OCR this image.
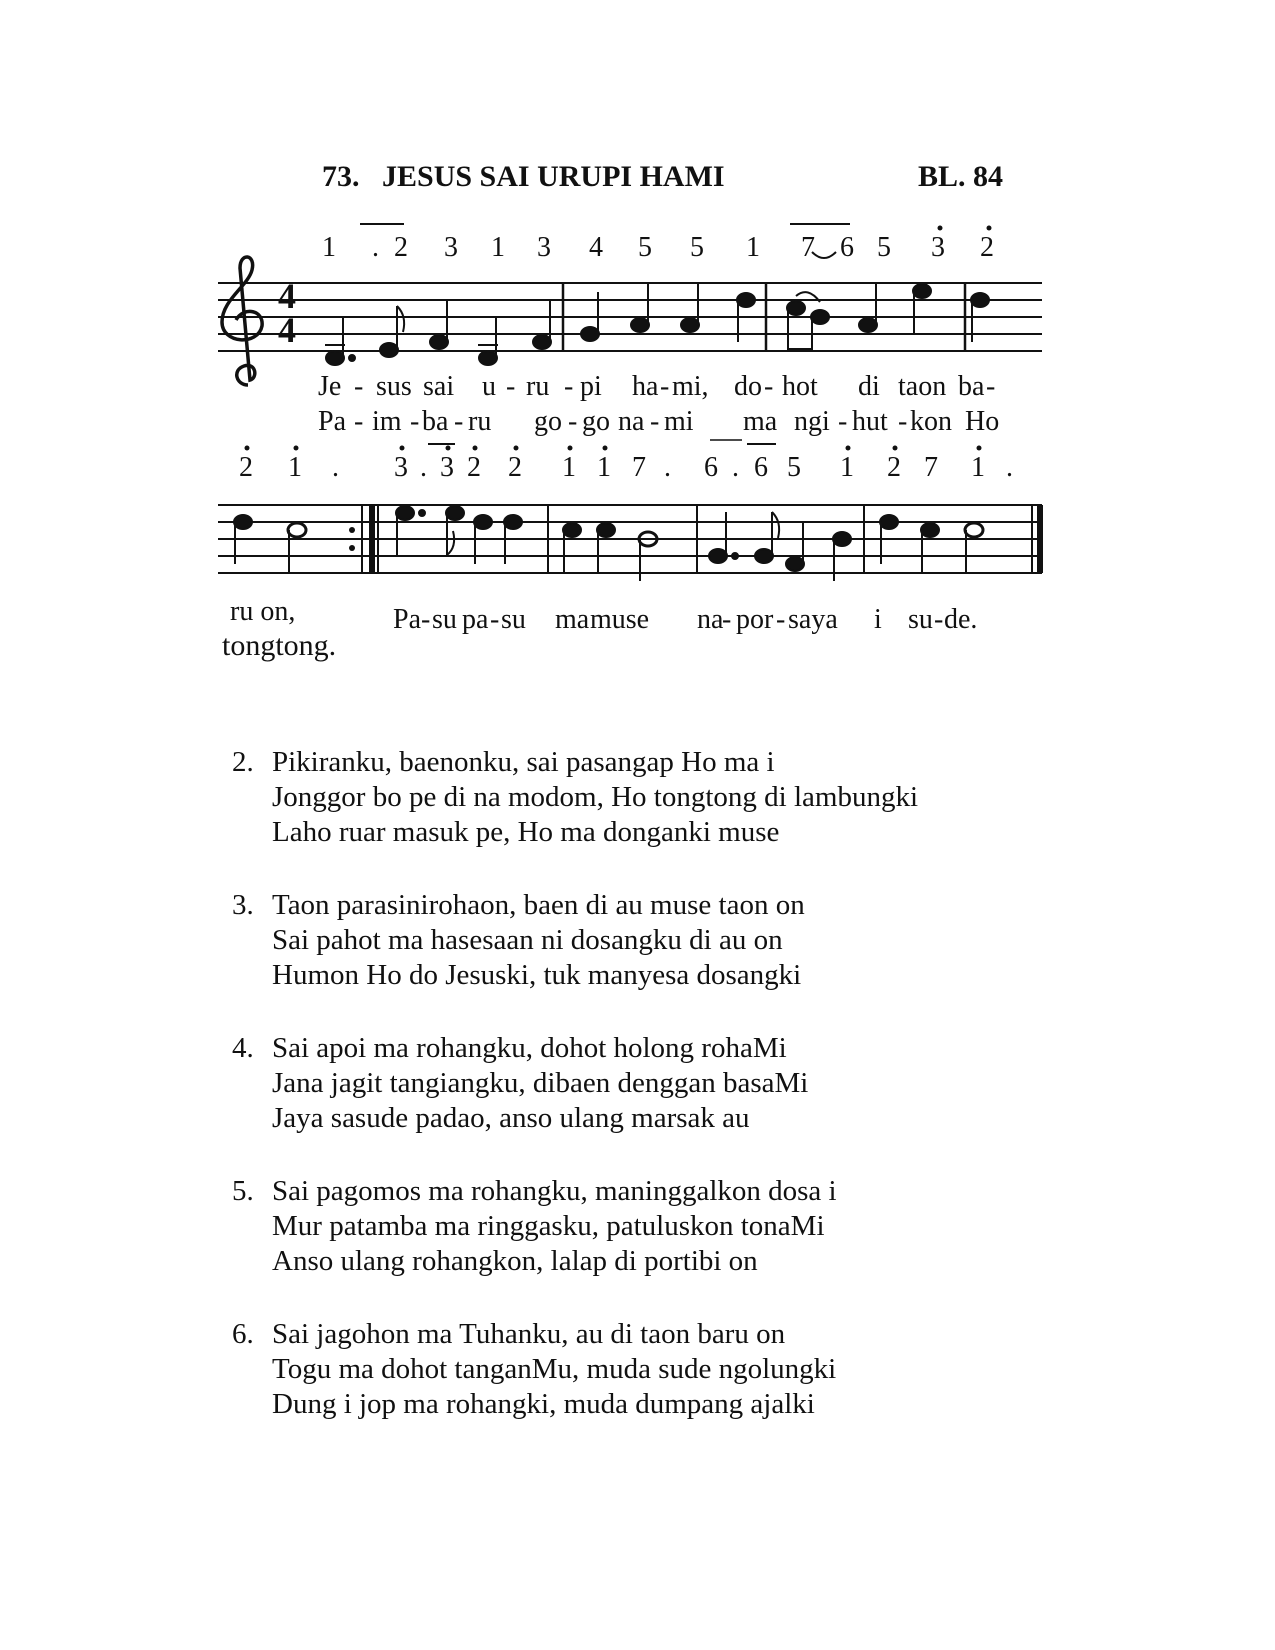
73. JESUS SAI URUPI HAMI	BL. 84
4
4
1 . 2 3 1 3 4 5 5 1 7 6 5 3 2
Je - sus sai u - ru - pi ha - mi, do - hot di taon ba -
Pa - im - ba - ru go - go na - mi ma ngi - hut - kon Ho
2 1 . 3 . 3 2 2 1 1 7 . 6 . 6 5 1 2 7 1 .
ru on,
tongtong.
Pa - su pa - su ma muse na
- por - saya i su - de.
2. Pikiranku, baenonku, sai pasangap Ho ma i
Jonggor bo pe di na modom, Ho tongtong di lambungki
Laho ruar masuk pe, Ho ma donganki muse
3. Taon parasinirohaon, baen di au muse taon on
Sai pahot ma hasesaan ni dosangku di au on
Humon Ho do Jesuski, tuk manyesa dosangki
4. Sai apoi ma rohangku, dohot holong rohaMi
Jana jagit tangiangku, dibaen denggan basaMi
Jaya sasude padao, anso ulang marsak au
5. Sai pagomos ma rohangku, maninggalkon dosa i
Mur patamba ma ringgasku, patuluskon tonaMi
Anso ulang rohangkon, lalap di portibi on
6. Sai jagohon ma Tuhanku, au di taon baru on
Togu ma dohot tanganMu, muda sude ngolungki
Dung i jop ma rohangki, muda dumpang ajalki
